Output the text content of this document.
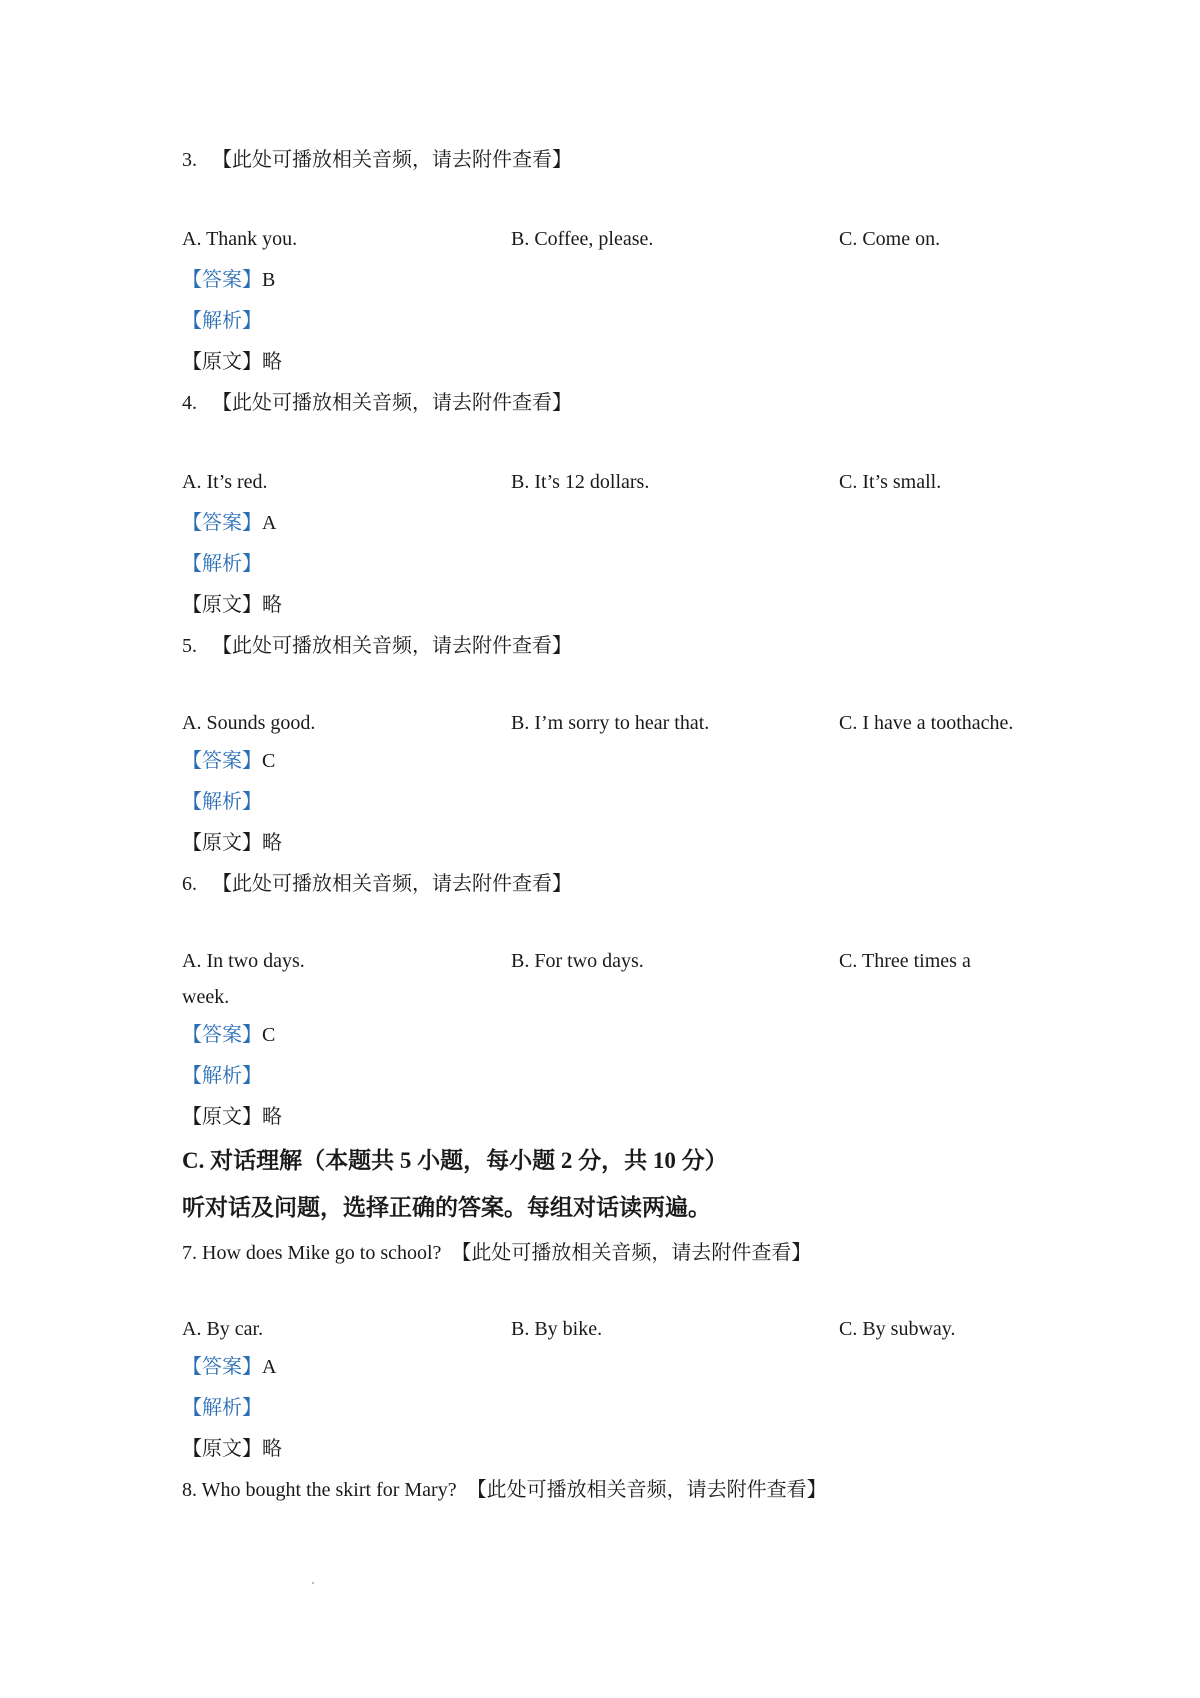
3. 【此处可播放相关音频，请去附件查看】
A. Thank you.	B. Coffee, please.	C. Come on.
【答案】B
【解析】
【原文】略
4. 【此处可播放相关音频，请去附件查看】
A. It’s red.	B. It’s 12 dollars.	C. It’s small.
【答案】A
【解析】
【原文】略
5. 【此处可播放相关音频，请去附件查看】
A. Sounds good.	B. I’m sorry to hear that.	C. I have a toothache.
【答案】C
【解析】
【原文】略
6. 【此处可播放相关音频，请去附件查看】
A. In two days.	B. For two days.	C. Three times a
week.
【答案】C
【解析】
【原文】略
C. 对话理解（本题共 5 小题，每小题 2 分，共 10 分）
听对话及问题，选择正确的答案。每组对话读两遍。
7. How does Mike go to school? 【此处可播放相关音频，请去附件查看】
A. By car.	B. By bike.	C. By subway.
【答案】A
【解析】
【原文】略
8. Who bought the skirt for Mary? 【此处可播放相关音频，请去附件查看】
